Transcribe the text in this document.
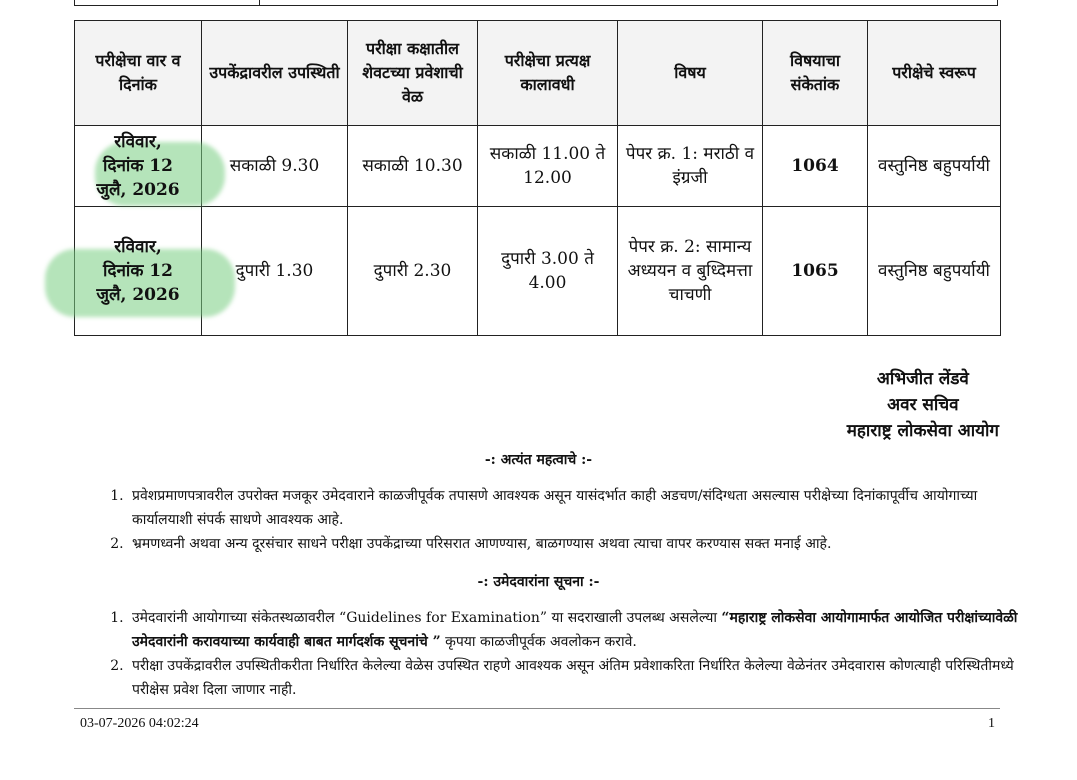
परीक्षेचा वार व दिनांक	उपकेंद्रावरील उपस्थिती	परीक्षा कक्षातील शेवटच्या प्रवेशाची वेळ	परीक्षेचा प्रत्यक्ष कालावधी	विषय	विषयाचा संकेतांक	परीक्षेचे स्वरूप

रविवार,
दिनांक 12
जुलै, 2026	सकाळी 9.30	सकाळी 10.30	सकाळी 11.00 ते 12.00	पेपर क्र. 1: मराठी व इंग्रजी	1064	वस्तुनिष्ठ बहुपर्यायी

रविवार,
दिनांक 12
जुलै, 2026	दुपारी 1.30	दुपारी 2.30	दुपारी 3.00 ते 4.00	पेपर क्र. 2: सामान्य अध्ययन व बुध्दिमत्ता चाचणी	1065	वस्तुनिष्ठ बहुपर्यायी
अभिजीत लेंडवे
अवर सचिव
महाराष्ट्र लोकसेवा आयोग
-: अत्यंत महत्वाचे :-
1. प्रवेशप्रमाणपत्रावरील उपरोक्त मजकूर उमेदवाराने काळजीपूर्वक तपासणे आवश्यक असून यासंदर्भात काही अडचण/संदिग्धता असल्यास परीक्षेच्या दिनांकापूर्वीच आयोगाच्या कार्यालयाशी संपर्क साधणे आवश्यक आहे.
2. भ्रमणध्वनी अथवा अन्य दूरसंचार साधने परीक्षा उपकेंद्राच्या परिसरात आणण्यास, बाळगण्यास अथवा त्याचा वापर करण्यास सक्त मनाई आहे.
-: उमेदवारांना सूचना :-
1. उमेदवारांनी आयोगाच्या संकेतस्थळावरील “Guidelines for Examination” या सदराखाली उपलब्ध असलेल्या “महाराष्ट्र लोकसेवा आयोगामार्फत आयोजित परीक्षांच्यावेळी उमेदवारांनी करावयाच्या कार्यवाही बाबत मार्गदर्शक सूचनांचे ” कृपया काळजीपूर्वक अवलोकन करावे.
2. परीक्षा उपकेंद्रावरील उपस्थितीकरीता निर्धारित केलेल्या वेळेस उपस्थित राहणे आवश्यक असून अंतिम प्रवेशाकरिता निर्धारित केलेल्या वेळेनंतर उमेदवारास कोणत्याही परिस्थितीमध्ये परीक्षेस प्रवेश दिला जाणार नाही.
03-07-2026 04:02:24	1
